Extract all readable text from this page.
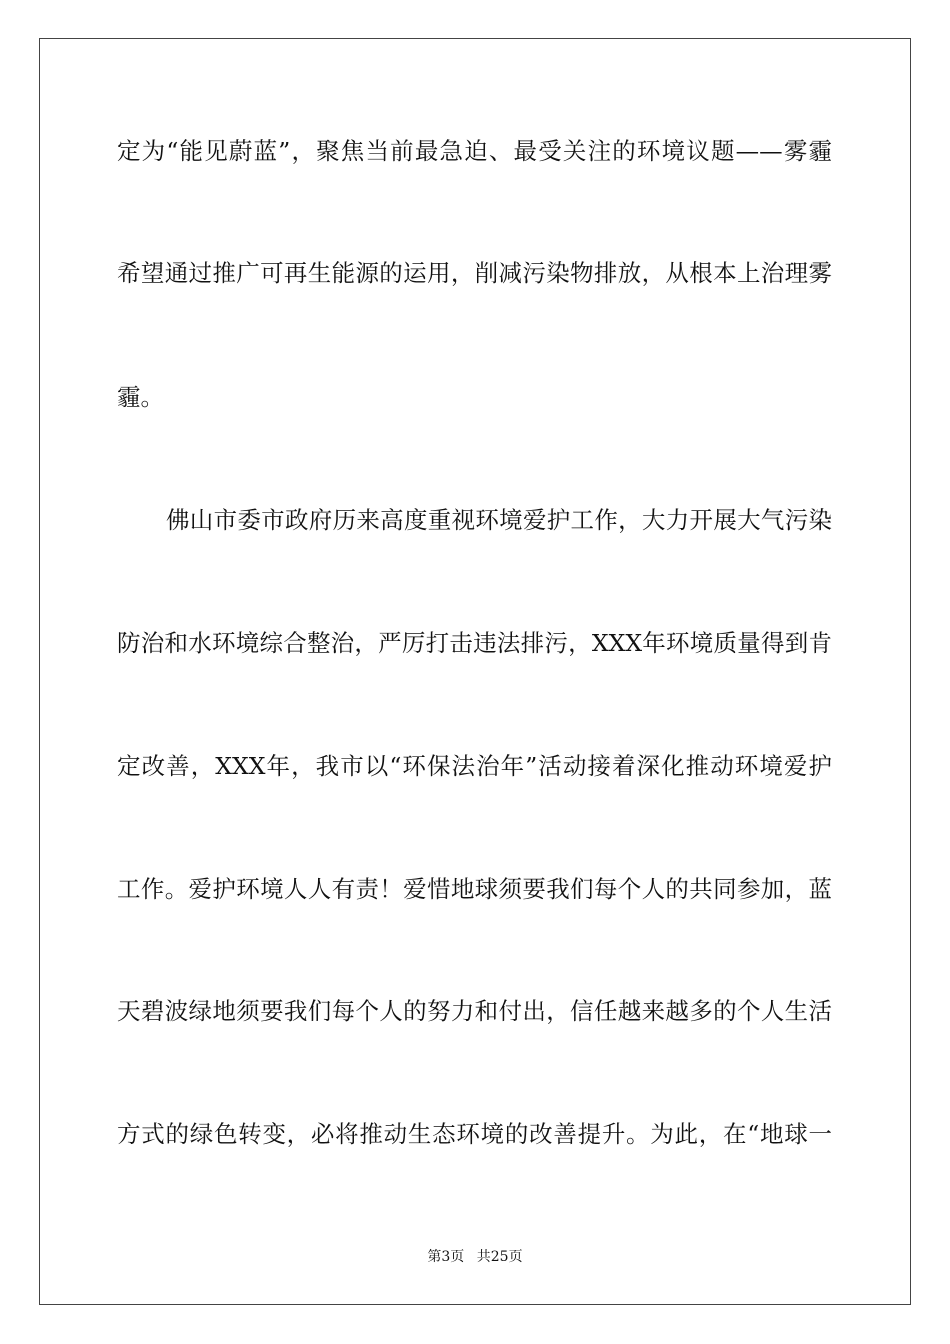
定为“能见蔚蓝”，聚焦当前最急迫、最受关注的环境议题——雾霾
希望通过推广可再生能源的运用，削减污染物排放，从根本上治理雾
霾。
佛山市委市政府历来高度重视环境爱护工作，大力开展大气污染
防治和水环境综合整治，严厉打击违法排污，XXX年环境质量得到肯
定改善，XXX年，我市以“环保法治年”活动接着深化推动环境爱护
工作。爱护环境人人有责！爱惜地球须要我们每个人的共同参加，蓝
天碧波绿地须要我们每个人的努力和付出，信任越来越多的个人生活
方式的绿色转变，必将推动生态环境的改善提升。为此，在“地球一
第3页 共25页
